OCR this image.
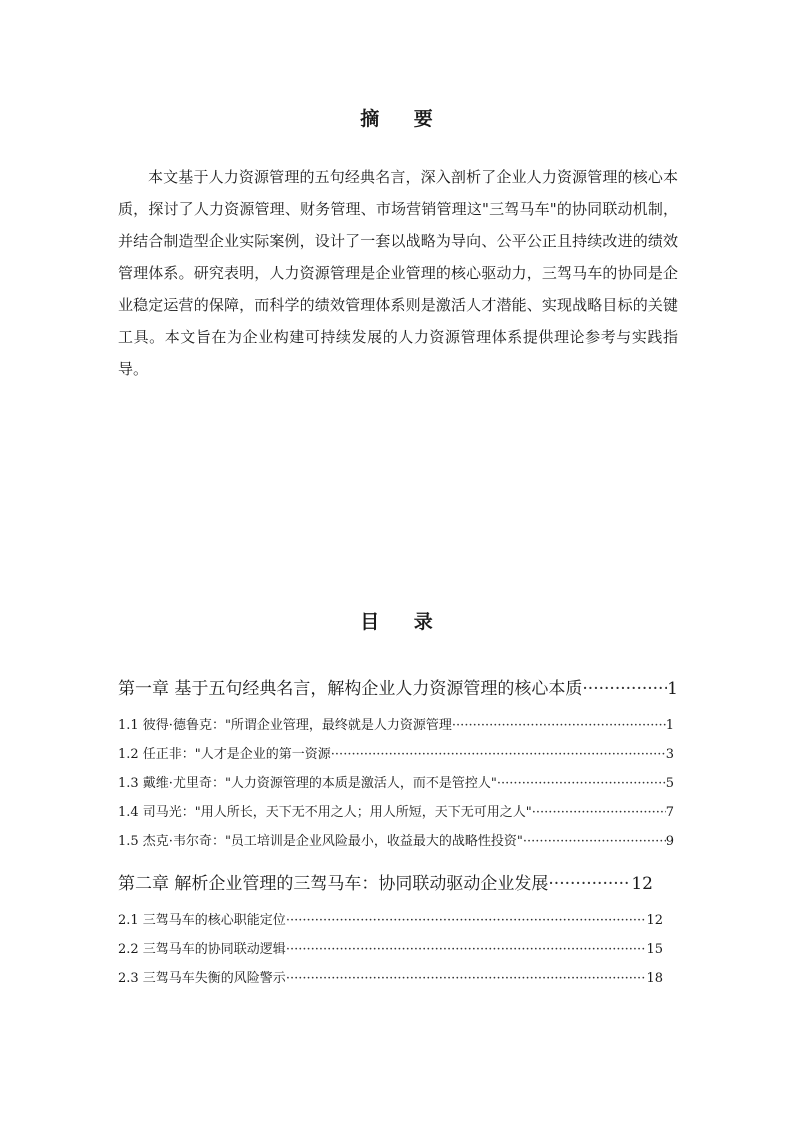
摘 要

本文基于人力资源管理的五句经典名言，深入剖析了企业人力资源管理的核心本质，探讨了人力资源管理、财务管理、市场营销管理这"三驾马车"的协同联动机制，并结合制造型企业实际案例，设计了一套以战略为导向、公平公正且持续改进的绩效管理体系。研究表明，人力资源管理是企业管理的核心驱动力，三驾马车的协同是企业稳定运营的保障，而科学的绩效管理体系则是激活人才潜能、实现战略目标的关键工具。本文旨在为企业构建可持续发展的人力资源管理体系提供理论参考与实践指导。

目 录
第一章 基于五句经典名言，解构企业人力资源管理的核心本质 ·····	1
1.1 彼得·德鲁克："所谓企业管理，最终就是人力资源管理 ·····	1
1.2 任正非："人才是企业的第一资源 ·····	3
1.3 戴维·尤里奇："人力资源管理的本质是激活人，而不是管控人" ·····	5
1.4 司马光："用人所长，天下无不用之人；用人所短，天下无可用之人" ·····	7
1.5 杰克·韦尔奇："员工培训是企业风险最小，收益最大的战略性投资" ·····	9
第二章 解析企业管理的三驾马车：协同联动驱动企业发展 ·····	12
2.1 三驾马车的核心职能定位 ·····	12
2.2 三驾马车的协同联动逻辑 ·····	15
2.3 三驾马车失衡的风险警示 ·····	18
